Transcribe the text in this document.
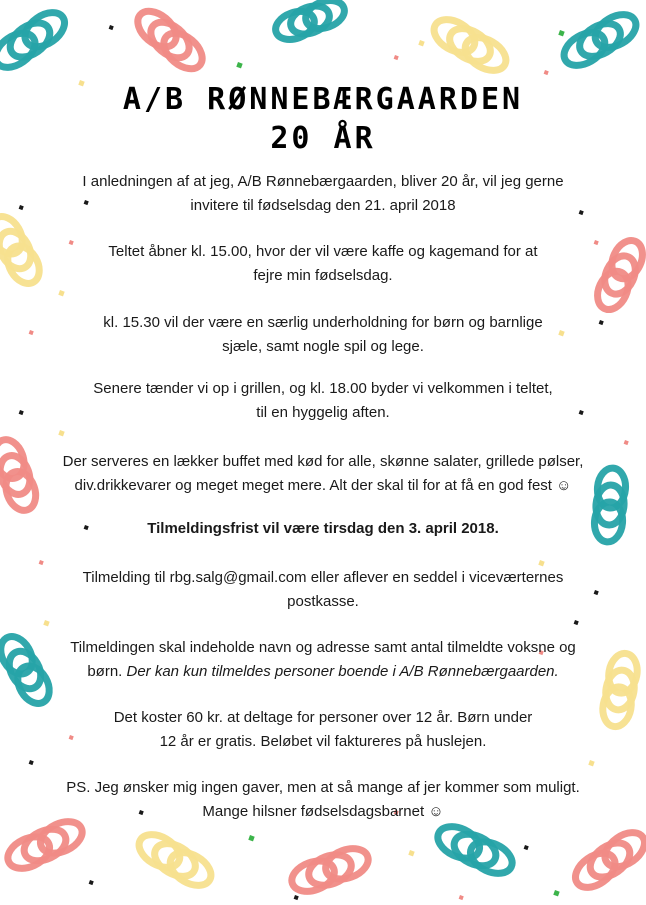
A/B RØNNEBÆRGAARDEN
20 ÅR

I anledningen af at jeg, A/B Rønnebærgaarden, bliver 20 år, vil jeg gerne
invitere til fødselsdag den 21. april 2018

Teltet åbner kl. 15.00, hvor der vil være kaffe og kagemand for at
fejre min fødselsdag.

kl. 15.30 vil der være en særlig underholdning for børn og barnlige
sjæle, samt nogle spil og lege.

Senere tænder vi op i grillen, og kl. 18.00 byder vi velkommen i teltet,
til en hyggelig aften.

Der serveres en lækker buffet med kød for alle, skønne salater, grillede pølser,
div.drikkevarer og meget meget mere. Alt der skal til for at få en god fest ☺

Tilmeldingsfrist vil være tirsdag den 3. april 2018.

Tilmelding til rbg.salg@gmail.com eller aflever en seddel i viceværternes
postkasse.

Tilmeldingen skal indeholde navn og adresse samt antal tilmeldte voksne og
børn. Der kan kun tilmeldes personer boende i A/B Rønnebærgaarden.

Det koster 60 kr. at deltage for personer over 12 år. Børn under
12 år er gratis. Beløbet vil faktureres på huslejen.

PS. Jeg ønsker mig ingen gaver, men at så mange af jer kommer som muligt.
Mange hilsner fødselsdagsbarnet ☺
